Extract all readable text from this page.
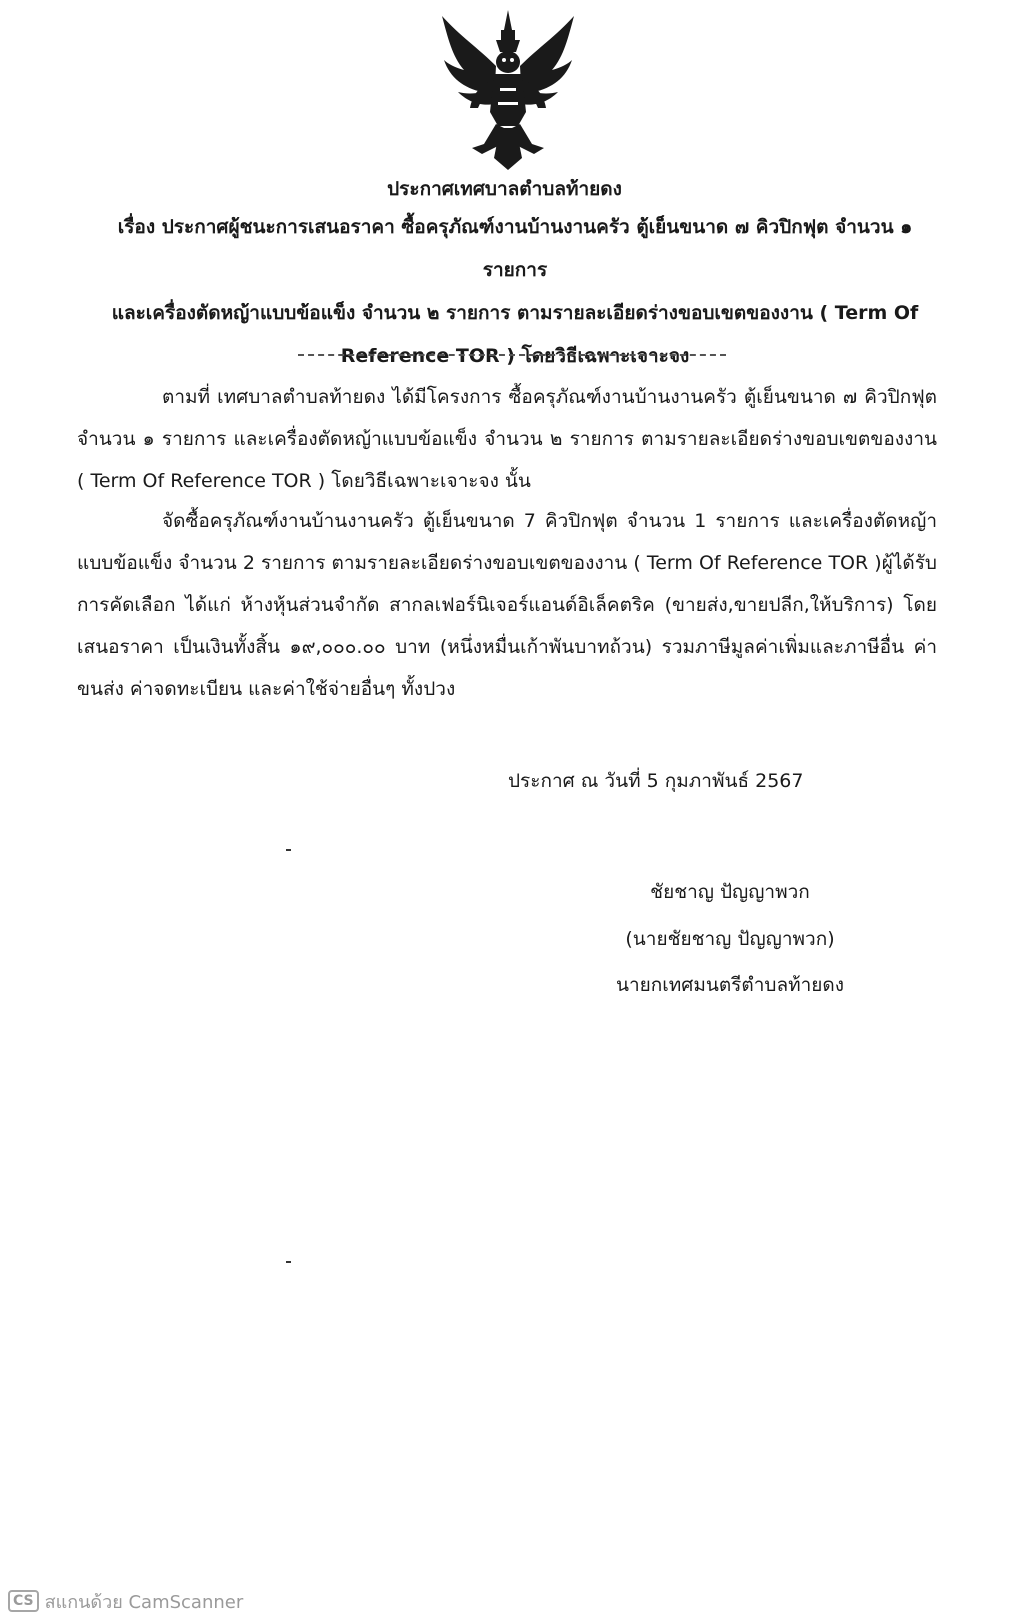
ประกาศเทศบาลตำบลท้ายดง
เรื่อง ประกาศผู้ชนะการเสนอราคา ซื้อครุภัณฑ์งานบ้านงานครัว ตู้เย็นขนาด ๗ คิวปิกฟุต จำนวน ๑ รายการ
และเครื่องตัดหญ้าแบบข้อแข็ง จำนวน ๒ รายการ ตามรายละเอียดร่างขอบเขตของงาน ( Term Of
Reference TOR ) โดยวิธีเฉพาะเจาะจง
ตามที่ เทศบาลตำบลท้ายดง ได้มีโครงการ ซื้อครุภัณฑ์งานบ้านงานครัว ตู้เย็นขนาด ๗ คิวปิกฟุต จำนวน ๑ รายการ และเครื่องตัดหญ้าแบบข้อแข็ง จำนวน ๒ รายการ ตามรายละเอียดร่างขอบเขตของงาน ( Term Of Reference TOR ) โดยวิธีเฉพาะเจาะจง นั้น
จัดซื้อครุภัณฑ์งานบ้านงานครัว ตู้เย็นขนาด 7 คิวปิกฟุต จำนวน 1 รายการ และเครื่องตัดหญ้าแบบข้อแข็ง จำนวน 2 รายการ ตามรายละเอียดร่างขอบเขตของงาน ( Term Of Reference TOR )ผู้ได้รับการคัดเลือก ได้แก่ ห้างหุ้นส่วนจำกัด สากลเฟอร์นิเจอร์แอนด์อิเล็คตริค (ขายส่ง,ขายปลีก,ให้บริการ) โดยเสนอราคา เป็นเงินทั้งสิ้น ๑๙,๐๐๐.๐๐ บาท (หนึ่งหมื่นเก้าพันบาทถ้วน) รวมภาษีมูลค่าเพิ่มและภาษีอื่น ค่าขนส่ง ค่าจดทะเบียน และค่าใช้จ่ายอื่นๆ ทั้งปวง
ประกาศ ณ วันที่ 5 กุมภาพันธ์ 2567
ชัยชาญ ปัญญาพวก
(นายชัยชาญ ปัญญาพวก)
นายกเทศมนตรีตำบลท้ายดง
CS สแกนด้วย CamScanner
